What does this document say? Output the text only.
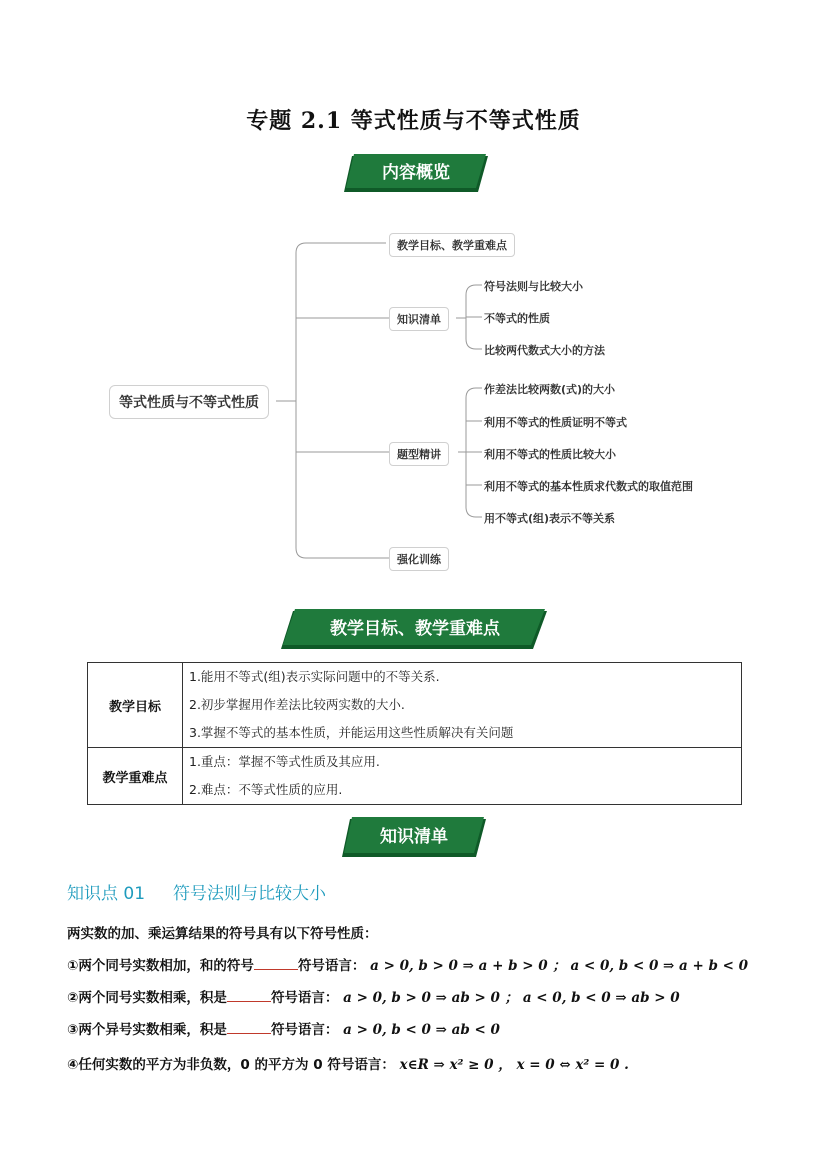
专题 2.1 等式性质与不等式性质
内容概览
等式性质与不等式性质
教学目标、教学重难点
知识清单
题型精讲
强化训练
符号法则与比较大小
不等式的性质
比较两代数式大小的方法
作差法比较两数(式)的大小
利用不等式的性质证明不等式
利用不等式的性质比较大小
利用不等式的基本性质求代数式的取值范围
用不等式(组)表示不等关系
教学目标、教学重难点
教学目标	1.能用不等式(组)表示实际问题中的不等关系.
2.初步掌握用作差法比较两实数的大小.
3.掌握不等式的基本性质，并能运用这些性质解决有关问题

教学重难点	1.重点：掌握不等式性质及其应用.
2.难点：不等式性质的应用.
知识清单
知识点 01 符号法则与比较大小
两实数的加、乘运算结果的符号具有以下符号性质：
①两个同号实数相加，和的符号	符号语言： a > 0, b > 0 ⇒ a + b > 0 ； a < 0, b < 0 ⇒ a + b < 0
②两个同号实数相乘，积是	符号语言： a > 0, b > 0 ⇒ ab > 0 ； a < 0, b < 0 ⇒ ab > 0
③两个异号实数相乘，积是	符号语言： a > 0, b < 0 ⇒ ab < 0
④任何实数的平方为非负数，0 的平方为 0 符号语言： x∈R ⇒ x² ≥ 0 ， x = 0 ⇔ x² = 0 .
